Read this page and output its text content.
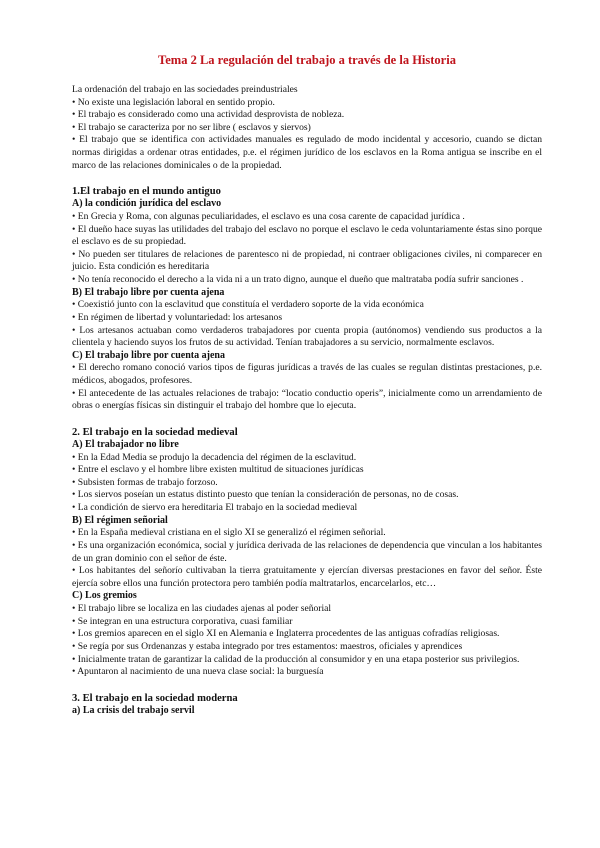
Tema 2 La regulación del trabajo a través de la Historia

La ordenación del trabajo en las sociedades preindustriales

• No existe una legislación laboral en sentido propio.

• El trabajo es considerado como una actividad desprovista de nobleza.

• El trabajo se caracteriza por no ser libre ( esclavos y siervos)

• El trabajo que se identifica con actividades manuales es regulado de modo incidental y accesorio, cuando se dictan normas dirigidas a ordenar otras entidades, p.e. el régimen jurídico de los esclavos en la Roma antigua se inscribe en el marco de las relaciones dominicales o de la propiedad.

1.El trabajo en el mundo antiguo

A) la condición jurídica del esclavo

• En Grecia y Roma, con algunas peculiaridades, el esclavo es una cosa carente de capacidad jurídica .

• El dueño hace suyas las utilidades del trabajo del esclavo no porque el esclavo le ceda voluntariamente éstas sino porque el esclavo es de su propiedad.

• No pueden ser titulares de relaciones de parentesco ni de propiedad, ni contraer obligaciones civiles, ni comparecer en juicio. Esta condición es hereditaria

• No tenía reconocido el derecho a la vida ni a un trato digno, aunque el dueño que maltrataba podía sufrir sanciones .

B) El trabajo libre por cuenta ajena

• Coexistió junto con la esclavitud que constituía el verdadero soporte de la vida económica

• En régimen de libertad y voluntariedad: los artesanos

• Los artesanos actuaban como verdaderos trabajadores por cuenta propia (autónomos) vendiendo sus productos a la clientela y haciendo suyos los frutos de su actividad. Tenían trabajadores a su servicio, normalmente esclavos.

C) El trabajo libre por cuenta ajena

• El derecho romano conoció varios tipos de figuras jurídicas a través de las cuales se regulan distintas prestaciones, p.e. médicos, abogados, profesores.

• El antecedente de las actuales relaciones de trabajo: “locatio conductio operis”, inicialmente como un arrendamiento de obras o energías físicas sin distinguir el trabajo del hombre que lo ejecuta.

2. El trabajo en la sociedad medieval

A) El trabajador no libre

• En la Edad Media se produjo la decadencia del régimen de la esclavitud.

• Entre el esclavo y el hombre libre existen multitud de situaciones jurídicas

• Subsisten formas de trabajo forzoso.

• Los siervos poseían un estatus distinto puesto que tenían la consideración de personas, no de cosas.

• La condición de siervo era hereditaria El trabajo en la sociedad medieval

B) El régimen señorial

• En la España medieval cristiana en el siglo XI se generalizó el régimen señorial.

• Es una organización económica, social y jurídica derivada de las relaciones de dependencia que vinculan a los habitantes de un gran dominio con el señor de éste.

• Los habitantes del señorío cultivaban la tierra gratuitamente y ejercían diversas prestaciones en favor del señor. Éste ejercía sobre ellos una función protectora pero también podía maltratarlos, encarcelarlos, etc…

C) Los gremios

• El trabajo libre se localiza en las ciudades ajenas al poder señorial

• Se integran en una estructura corporativa, cuasi familiar

• Los gremios aparecen en el siglo XI en Alemania e Inglaterra procedentes de las antiguas cofradías religiosas.

• Se regía por sus Ordenanzas y estaba integrado por tres estamentos: maestros, oficiales y aprendices

• Inicialmente tratan de garantizar la calidad de la producción al consumidor y en una etapa posterior sus privilegios.

• Apuntaron al nacimiento de una nueva clase social: la burguesía

3. El trabajo en la sociedad moderna

a) La crisis del trabajo servil
